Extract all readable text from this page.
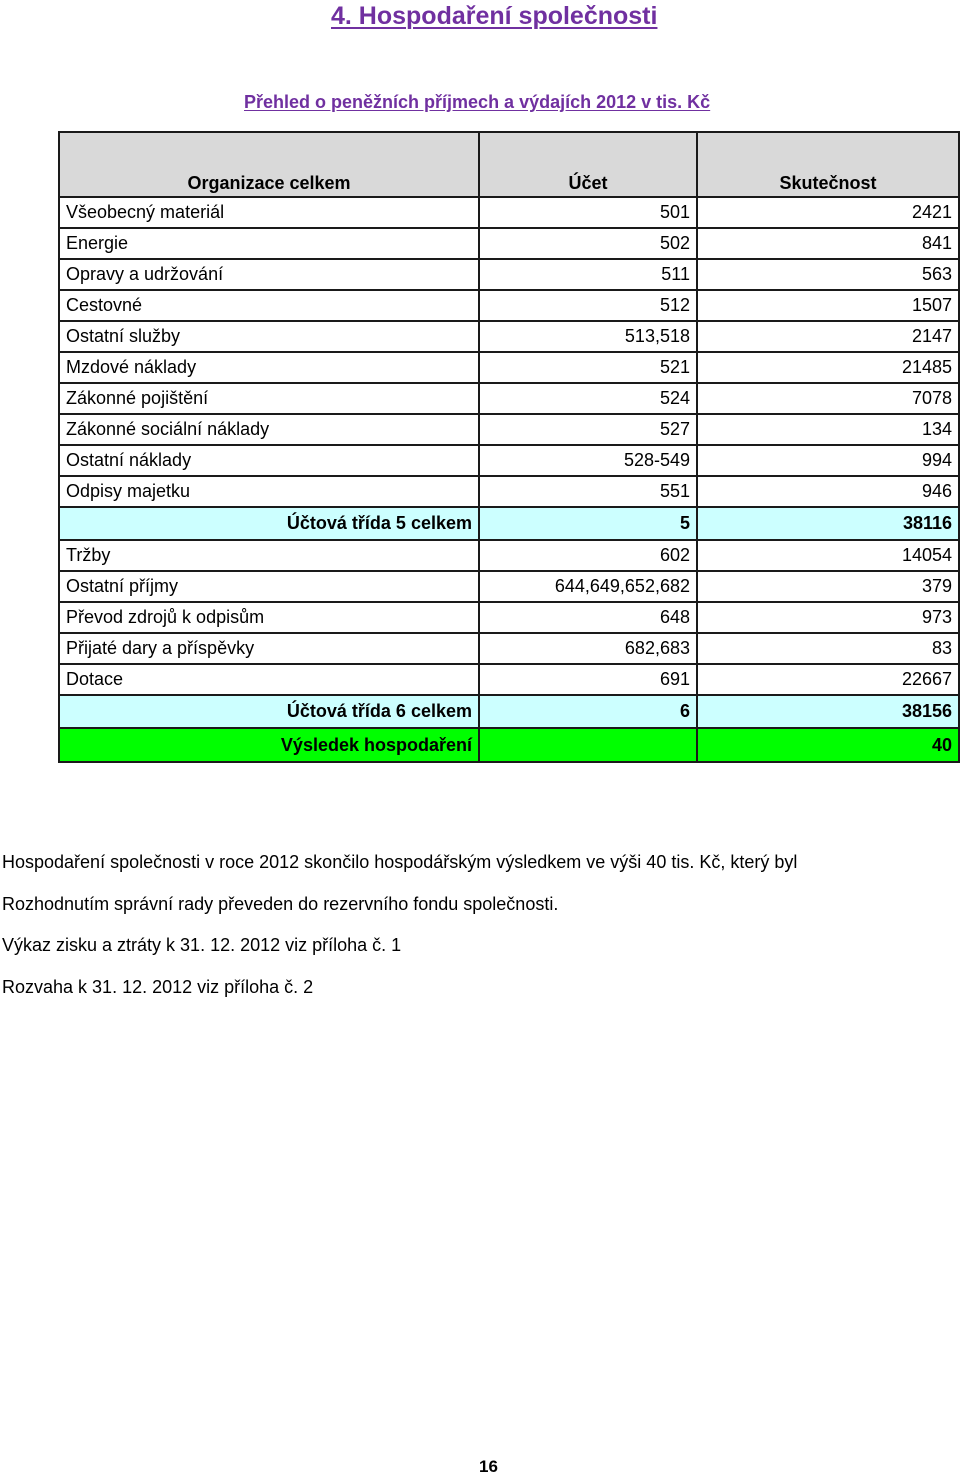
4. Hospodaření společnosti
Přehled o peněžních příjmech a výdajích 2012 v tis. Kč
Organizace celkem	Účet	Skutečnost
Všeobecný materiál	501	2421
Energie	502	841
Opravy a udržování	511	563
Cestovné	512	1507
Ostatní služby	513,518	2147
Mzdové náklady	521	21485
Zákonné pojištění	524	7078
Zákonné sociální náklady	527	134
Ostatní náklady	528-549	994
Odpisy majetku	551	946
Účtová třída 5 celkem	5	38116
Tržby	602	14054
Ostatní příjmy	644,649,652,682	379
Převod zdrojů k odpisům	648	973
Přijaté dary a příspěvky	682,683	83
Dotace	691	22667
Účtová třída 6 celkem	6	38156
Výsledek hospodaření		40
Hospodaření společnosti v roce 2012 skončilo hospodářským výsledkem ve výši 40 tis. Kč, který byl
Rozhodnutím správní rady převeden do rezervního fondu společnosti.
Výkaz zisku a ztráty k 31. 12. 2012 viz příloha č. 1
Rozvaha k 31. 12. 2012 viz příloha č. 2
16
